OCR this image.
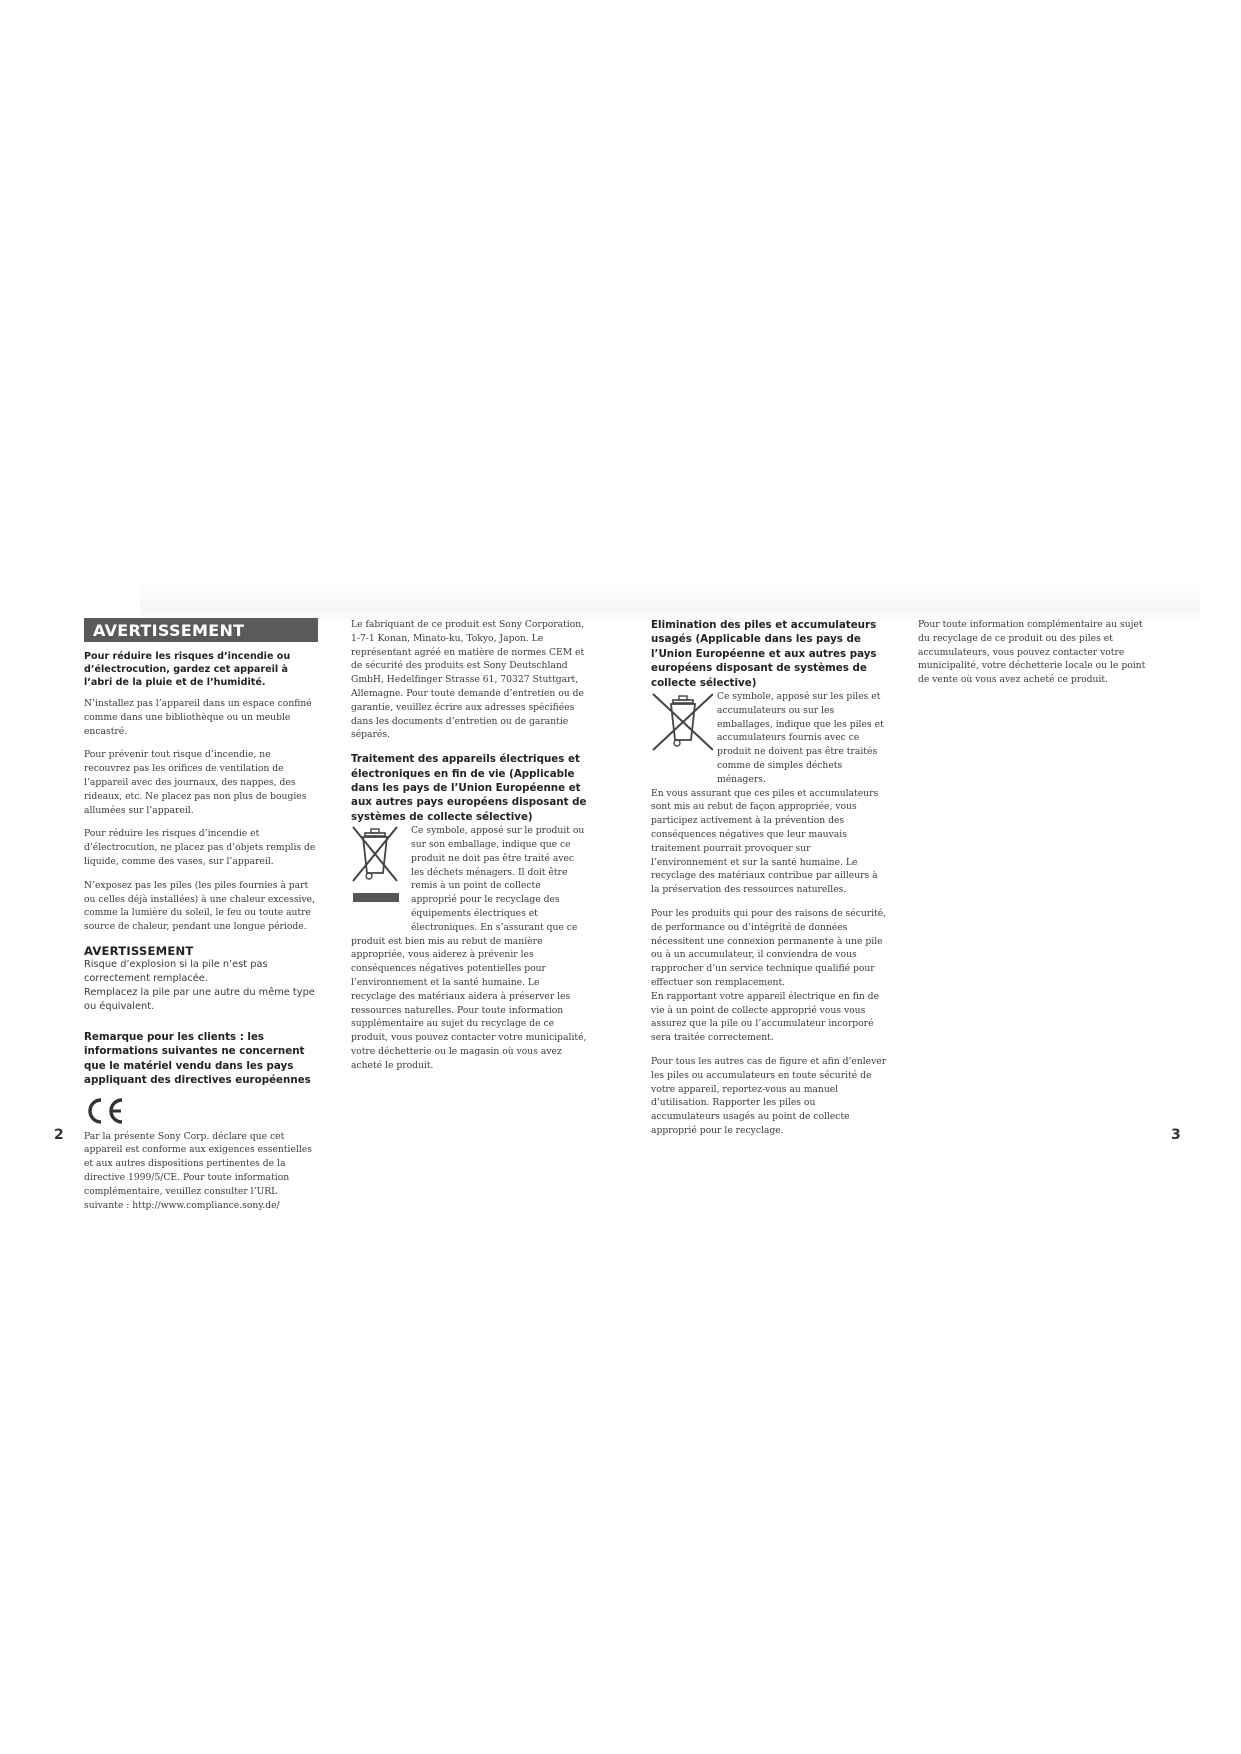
AVERTISSEMENT

Pour réduire les risques d’incendie ou d’électrocution, gardez cet appareil à l’abri de la pluie et de l’humidité.

N’installez pas l’appareil dans un espace confiné comme dans une bibliothèque ou un meuble encastré.

Pour prévenir tout risque d’incendie, ne recouvrez pas les orifices de ventilation de l’appareil avec des journaux, des nappes, des rideaux, etc. Ne placez pas non plus de bougies allumées sur l’appareil.

Pour réduire les risques d’incendie et d’électrocution, ne placez pas d’objets remplis de liquide, comme des vases, sur l’appareil.

N’exposez pas les piles (les piles fournies à part ou celles déjà installées) à une chaleur excessive, comme la lumière du soleil, le feu ou toute autre source de chaleur, pendant une longue période.

AVERTISSEMENT

Risque d’explosion si la pile n’est pas correctement remplacée.

Remplacez la pile par une autre du même type ou équivalent.

Remarque pour les clients : les informations suivantes ne concernent que le matériel vendu dans les pays appliquant des directives européennes

Par la présente Sony Corp. déclare que cet appareil est conforme aux exigences essentielles et aux autres dispositions pertinentes de la directive 1999/5/CE. Pour toute information complémentaire, veuillez consulter l’URL suivante : http://www.compliance.sony.de/

Le fabriquant de ce produit est Sony Corporation, 1-7-1 Konan, Minato-ku, Tokyo, Japon. Le représentant agréé en matière de normes CEM et de sécurité des produits est Sony Deutschland GmbH, Hedelfinger Strasse 61, 70327 Stuttgart, Allemagne. Pour toute demande d’entretien ou de garantie, veuillez écrire aux adresses spécifiées dans les documents d’entretien ou de garantie séparés.

Traitement des appareils électriques et électroniques en fin de vie (Applicable dans les pays de l’Union Européenne et aux autres pays européens disposant de systèmes de collecte sélective)

Ce symbole, apposé sur le produit ou sur son emballage, indique que ce produit ne doit pas être traité avec les déchets ménagers. Il doit être remis à un point de collecte approprié pour le recyclage des équipements électriques et électroniques. En s’assurant que ce

produit est bien mis au rebut de manière appropriée, vous aiderez à prévenir les conséquences négatives potentielles pour l’environnement et la santé humaine. Le recyclage des matériaux aidera à préserver les ressources naturelles. Pour toute information supplémentaire au sujet du recyclage de ce produit, vous pouvez contacter votre municipalité, votre déchetterie ou le magasin où vous avez acheté le produit.

Elimination des piles et accumulateurs usagés (Applicable dans les pays de l’Union Européenne et aux autres pays européens disposant de systèmes de collecte sélective)

Ce symbole, apposé sur les piles et accumulateurs ou sur les emballages, indique que les piles et accumulateurs fournis avec ce produit ne doivent pas être traités comme de simples déchets ménagers.

En vous assurant que ces piles et accumulateurs sont mis au rebut de façon appropriée, vous participez activement à la prévention des conséquences négatives que leur mauvais traitement pourrait provoquer sur l’environnement et sur la santé humaine. Le recyclage des matériaux contribue par ailleurs à la préservation des ressources naturelles.

Pour les produits qui pour des raisons de sécurité, de performance ou d’intégrité de données nécessitent une connexion permanente à une pile ou à un accumulateur, il conviendra de vous rapprocher d’un service technique qualifié pour effectuer son remplacement.

En rapportant votre appareil électrique en fin de vie à un point de collecte approprié vous vous assurez que la pile ou l’accumulateur incorporé sera traitée correctement.

Pour tous les autres cas de figure et afin d’enlever les piles ou accumulateurs en toute sécurité de votre appareil, reportez-vous au manuel d’utilisation. Rapporter les piles ou accumulateurs usagés au point de collecte approprié pour le recyclage.

Pour toute information complémentaire au sujet du recyclage de ce produit ou des piles et accumulateurs, vous pouvez contacter votre municipalité, votre déchetterie locale ou le point de vente où vous avez acheté ce produit.

2	3
